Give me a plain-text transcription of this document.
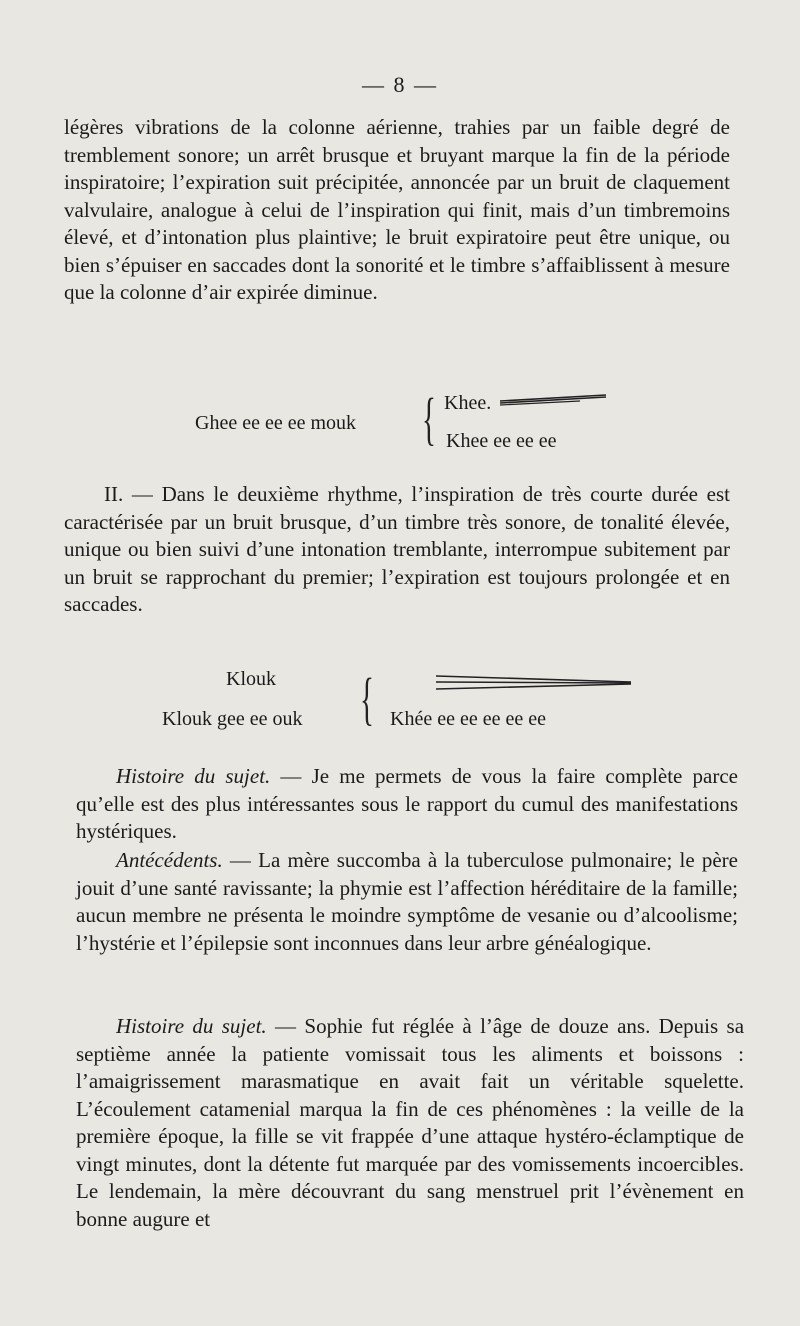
— 8 —

légères vibrations de la colonne aérienne, trahies par un faible degré de tremblement sonore; un arrêt brusque et bruyant marque la fin de la période inspiratoire; l’expiration suit précipitée, annoncée par un bruit de claquement valvulaire, analogue à celui de l’inspiration qui finit, mais d’un timbremoins élevé, et d’intonation plus plaintive; le bruit expiratoire peut être unique, ou bien s’épuiser en saccades dont la sonorité et le timbre s’affaiblissent à mesure que la colonne d’air expirée diminue.

Ghee ee ee ee mouk { Khee.
Khee ee ee ee

II. — Dans le deuxième rhythme, l’inspiration de très courte durée est caractérisée par un bruit brusque, d’un timbre très sonore, de tonalité élevée, unique ou bien suivi d’une intonation tremblante, interrompue subitement par un bruit se rapprochant du premier; l’expiration est toujours prolongée et en saccades.

Klouk
Klouk gee ee ouk { Khée ee ee ee ee ee

Histoire du sujet. — Je me permets de vous la faire complète parce qu’elle est des plus intéressantes sous le rapport du cumul des manifestations hystériques.

Antécédents. — La mère succomba à la tuberculose pulmonaire; le père jouit d’une santé ravissante; la phymie est l’affection héréditaire de la famille; aucun membre ne présenta le moindre symptôme de vesanie ou d’alcoolisme; l’hystérie et l’épilepsie sont inconnues dans leur arbre généalogique.

Histoire du sujet. — Sophie fut réglée à l’âge de douze ans. Depuis sa septième année la patiente vomissait tous les aliments et boissons : l’amaigrissement marasmatique en avait fait un véritable squelette. L’écoulement catamenial marqua la fin de ces phénomènes : la veille de la première époque, la fille se vit frappée d’une attaque hystéro-éclamptique de vingt minutes, dont la détente fut marquée par des vomissements incoercibles. Le lendemain, la mère découvrant du sang menstruel prit l’évènement en bonne augure et
